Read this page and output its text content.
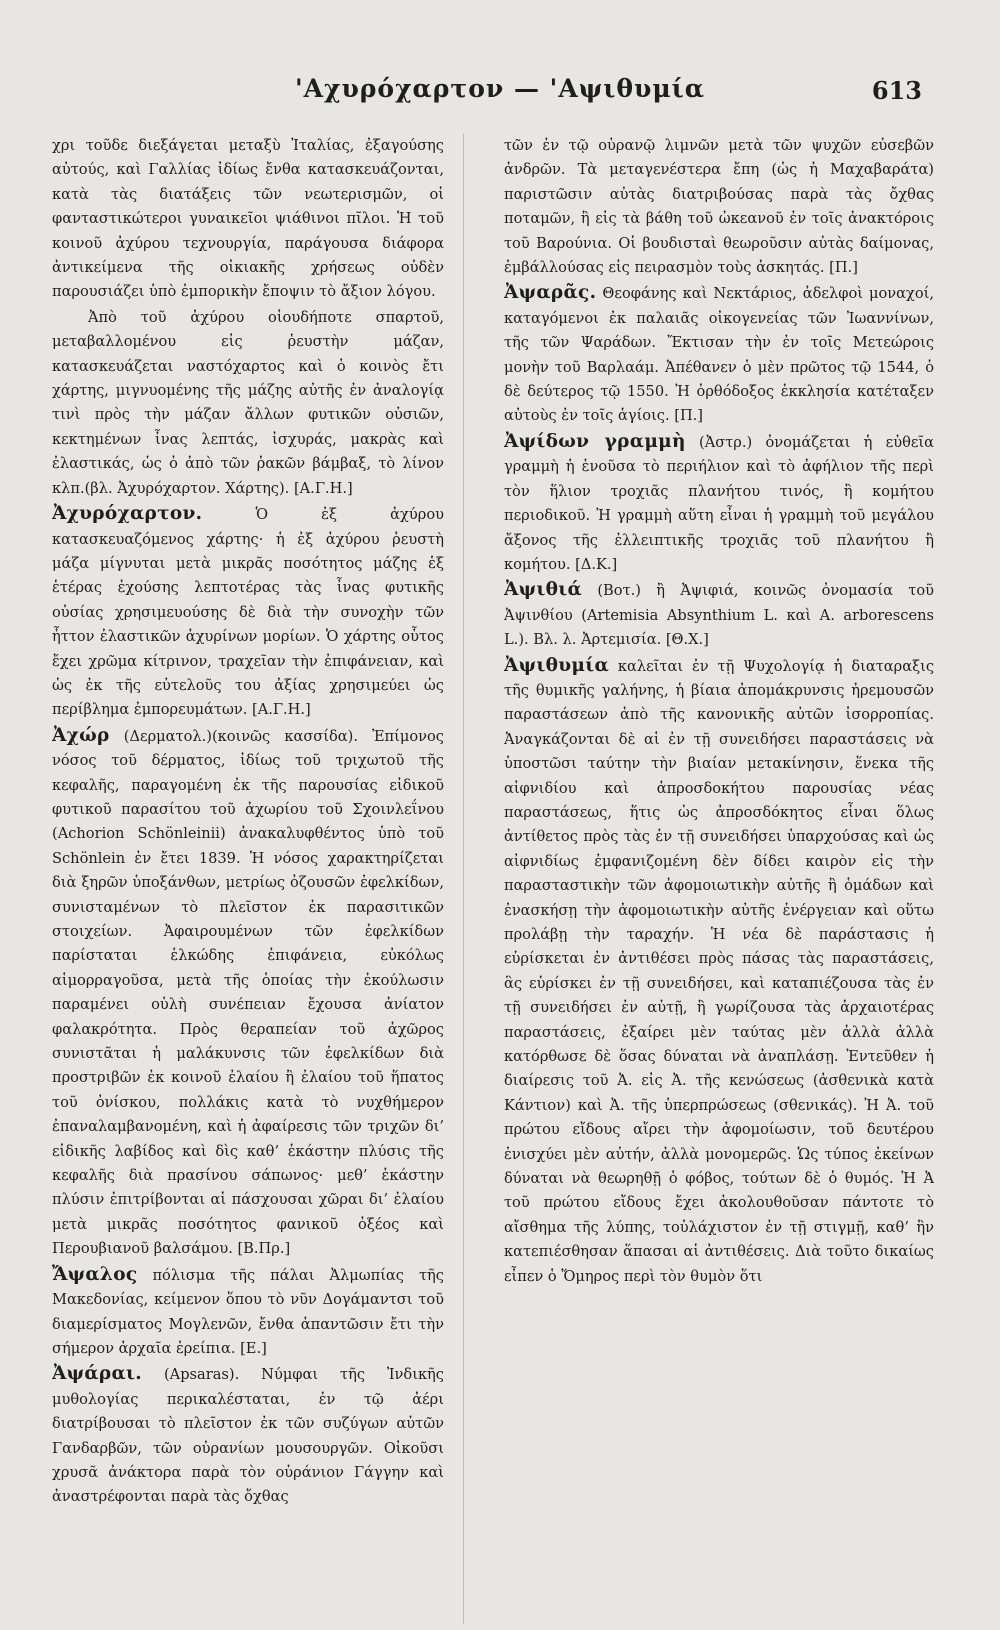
'Αχυρόχαρτον — 'Αψιθυμία	613

χρι τοῦδε διεξάγεται μεταξὺ Ἰταλίας, ἐξαγούσης αὐτούς, καὶ Γαλλίας ἰδίως ἔνθα κατασκευάζονται, κατὰ τὰς διατάξεις τῶν νεωτερισμῶν, οἱ φανταστικώτεροι γυναικεῖοι ψιάθινοι πῖλοι. Ἡ τοῦ κοινοῦ ἀχύρου τεχνουργία, παράγουσα διάφορα ἀντικείμενα τῆς οἰκιακῆς χρήσεως οὐδὲν παρουσιάζει ὑπὸ ἐμπορικὴν ἔποψιν τὸ ἄξιον λόγου.

Ἀπὸ τοῦ ἀχύρου οἱουδήποτε σπαρτοῦ, μεταβαλλομένου εἰς ῥευστὴν μάζαν, κατασκευάζεται ναστόχαρτος καὶ ὁ κοινὸς ἔτι χάρτης, μιγνυομένης τῆς μάζης αὐτῆς ἐν ἀναλογίᾳ τινὶ πρὸς τὴν μάζαν ἄλλων φυτικῶν οὐσιῶν, κεκτημένων ἶνας λεπτάς, ἰσχυράς, μακρὰς καὶ ἐλαστικάς, ὡς ὁ ἀπὸ τῶν ῥακῶν βάμβαξ, τὸ λίνον κλπ.(βλ. Ἀχυρόχαρτον. Χάρτης). [Α.Γ.Η.]

Ἀχυρόχαρτον.	Ὁ ἐξ ἀχύρου κατασκευαζόμενος χάρτης· ἡ ἐξ ἀχύρου ῥευστὴ μάζα μίγνυται μετὰ μικρᾶς ποσότητος μάζης ἑξ ἑτέρας ἐχούσης λεπτοτέρας τὰς ἶνας φυτικῆς οὐσίας χρησιμευούσης δὲ διὰ τὴν συνοχὴν τῶν ἧττον ἐλαστικῶν ἀχυρίνων μορίων. Ὁ χάρτης οὗτος ἔχει χρῶμα κίτρινον, τραχεῖαν τὴν ἐπιφάνειαν, καὶ ὡς ἐκ τῆς εὐτελοῦς του ἀξίας χρησιμεύει ὡς περίβλημα ἐμπορευμάτων. [Α.Γ.Η.]

Ἀχώρ (Δερματολ.)(κοινῶς κασσίδα). Ἐπίμονος νόσος τοῦ δέρματος, ἰδίως τοῦ τριχωτοῦ τῆς κεφαλῆς, παραγομένη ἐκ τῆς παρουσίας εἰδικοῦ φυτικοῦ παρασίτου τοῦ ἀχωρίου τοῦ Σχοινλεΐνου (Achorion Schönleinii) ἀνακαλυφθέντος ὑπὸ τοῦ Schönlein ἐν ἔτει 1839. Ἡ νόσος χαρακτηρίζεται διὰ ξηρῶν ὑποξάνθων, μετρίως ὀζουσῶν ἐφελκίδων, συνισταμένων τὸ πλεῖστον ἐκ παρασιτικῶν στοιχείων. Ἀφαιρουμένων τῶν ἐφελκίδων παρίσταται ἑλκώδης ἐπιφάνεια, εὐκόλως αἱμορραγοῦσα, μετὰ τῆς ὁποίας τὴν ἐκούλωσιν παραμένει οὐλὴ συνέπειαν ἔχουσα ἀνίατον φαλακρότητα. Πρὸς θεραπείαν τοῦ ἀχῶρος συνιστᾶται ἡ μαλάκυνσις τῶν ἐφελκίδων διὰ προστριβῶν ἐκ κοινοῦ ἐλαίου ἢ ἐλαίου τοῦ ἥπατος τοῦ ὀνίσκου, πολλάκις κατὰ τὸ νυχθήμερον ἐπαναλαμβανομένη, καὶ ἡ ἀφαίρεσις τῶν τριχῶν δι’ εἰδικῆς λαβίδος καὶ δὶς καθ’ ἑκάστην πλύσις τῆς κεφαλῆς διὰ πρασίνου σάπωνος· μεθ’ ἑκάστην πλύσιν ἐπιτρίβονται αἱ πάσχουσαι χῶραι δι’ ἐλαίου μετὰ μικρᾶς ποσότητος φανικοῦ ὀξέος καὶ Περουβιανοῦ βαλσάμου. [Β.Πρ.]

Ἄψαλος πόλισμα τῆς πάλαι Ἀλμωπίας τῆς Μακεδονίας, κείμενον ὅπου τὸ νῦν Δογάμαντσι τοῦ διαμερίσματος Μογλενῶν, ἔνθα ἀπαντῶσιν ἔτι τὴν σήμερον ἀρχαῖα ἐρείπια. [Ε.]

Ἀψάραι. (Apsaras). Νύμφαι τῆς Ἰνδικῆς μυθολογίας περικαλέσταται, ἐν τῷ ἀέρι διατρίβουσαι τὸ πλεῖστον ἐκ τῶν συζύγων αὐτῶν Γανδαρβῶν, τῶν οὐρανίων μουσουργῶν. Οἰκοῦσι χρυσᾶ ἀνάκτορα παρὰ τὸν οὐράνιον Γάγγην καὶ ἀναστρέφονται παρὰ τὰς ὄχθας

τῶν ἐν τῷ οὐρανῷ λιμνῶν μετὰ τῶν ψυχῶν εὐσεβῶν ἀνδρῶν. Τὰ μεταγενέστερα ἔπη (ὡς ἡ Μαχαβαράτα) παριστῶσιν αὐτὰς διατριβούσας παρὰ τὰς ὄχθας ποταμῶν, ἢ εἰς τὰ βάθη τοῦ ὠκεανοῦ ἐν τοῖς ἀνακτόροις τοῦ Βαρούνια. Οἱ βουδισταὶ θεωροῦσιν αὐτὰς δαίμονας, ἐμβάλλούσας εἰς πειρασμὸν τοὺς ἀσκητάς. [Π.]

Ἀψαρᾶς. Θεοφάνης καὶ Νεκτάριος, ἀδελφοὶ μοναχοί, καταγόμενοι ἐκ παλαιᾶς οἰκογενείας τῶν Ἰωαννίνων, τῆς τῶν Ψαράδων. Ἔκτισαν τὴν ἐν τοῖς Μετεώροις μονὴν τοῦ Βαρλαάμ. Ἀπέθανεν ὁ μὲν πρῶτος τῷ 1544, ὁ δὲ δεύτερος τῷ 1550. Ἡ ὀρθόδοξος ἐκκλησία κατέταξεν αὐτοὺς ἐν τοῖς ἁγίοις. [Π.]

Ἀψίδων γραμμὴ (Ἀστρ.) ὀνομάζεται ἡ εὐθεῖα γραμμὴ ἡ ἑνοῦσα τὸ περιήλιον καὶ τὸ ἀφήλιον τῆς περὶ τὸν ἥλιον τροχιᾶς πλανήτου τινός, ἢ κομήτου περιοδικοῦ. Ἡ γραμμὴ αὕτη εἶναι ἡ γραμμὴ τοῦ μεγάλου ἄξονος τῆς ἐλλειπτικῆς τροχιᾶς τοῦ πλανήτου ἢ κομήτου. [Δ.Κ.]

Ἀψιθιά (Βοτ.) ἢ Ἀψιφιά, κοινῶς ὀνομασία τοῦ Ἀψινθίου (Artemisia Absynthium L. καὶ A. arborescens L.). Βλ. λ. Ἀρτεμισία. [Θ.Χ.]

Ἀψιθυμία καλεῖται ἐν τῇ Ψυχολογίᾳ ἡ διαταραξις τῆς θυμικῆς γαλήνης, ἡ βίαια ἀπομάκρυνσις ἠρεμουσῶν παραστάσεων ἀπὸ τῆς κανονικῆς αὐτῶν ἰσορροπίας. Ἀναγκάζονται δὲ αἱ ἐν τῇ συνειδήσει παραστάσεις νὰ ὑποστῶσι ταύτην τὴν βιαίαν μετακίνησιν, ἕνεκα τῆς αἰφνιδίου καὶ ἀπροσδοκήτου παρουσίας νέας παραστάσεως, ἥτις ὡς ἀπροσδόκητος εἶναι ὅλως ἀντίθετος πρὸς τὰς ἐν τῇ συνειδήσει ὑπαρχούσας καὶ ὡς αἰφνιδίως ἐμφανιζομένη δὲν δίδει καιρὸν εἰς τὴν παρασταστικὴν τῶν ἀφομοιωτικὴν αὐτῆς ἢ ὁμάδων καὶ ἐνασκήσῃ τὴν ἀφομοιωτικὴν αὐτῆς ἐνέργειαν καὶ οὕτω προλάβῃ τὴν ταραχήν. Ἡ νέα δὲ παράστασις ἡ εὑρίσκεται ἐν ἀντιθέσει πρὸς πάσας τὰς παραστάσεις, ἃς εὑρίσκει ἐν τῇ συνειδήσει, καὶ καταπιέζουσα τὰς ἐν τῇ συνειδήσει ἐν αὐτῇ, ἢ γωρίζουσα τὰς ἀρχαιοτέρας παραστάσεις, ἐξαίρει μὲν ταύτας μὲν ἀλλὰ ἀλλὰ κατόρθωσε δὲ ὅσας δύναται νὰ ἀναπλάσῃ. Ἐντεῦθεν ἡ διαίρεσις τοῦ Ἀ. εἰς Ἀ. τῆς κενώσεως (ἀσθενικὰ κατὰ Κάντιον) καὶ Ἀ. τῆς ὑπερπρώσεως (σθενικάς). Ἡ Ἀ. τοῦ πρώτου εἴδους αἴρει τὴν ἀφομοίωσιν, τοῦ δευτέρου ἐνισχύει μὲν αὐτήν, ἀλλὰ μονομερῶς. Ὡς τύπος ἐκείνων δύναται νὰ θεωρηθῇ ὁ φόβος, τούτων δὲ ὁ θυμός. Ἡ Ἀ τοῦ πρώτου εἴδους ἔχει ἀκολουθοῦσαν πάντοτε τὸ αἴσθημα τῆς λύπης, τοὐλάχιστον ἐν τῇ στιγμῇ, καθ’ ἣν κατεπιέσθησαν ἅπασαι αἱ ἀντιθέσεις. Διὰ τοῦτο δικαίως εἶπεν ὁ Ὅμηρος περὶ τὸν θυμὸν ὅτι
